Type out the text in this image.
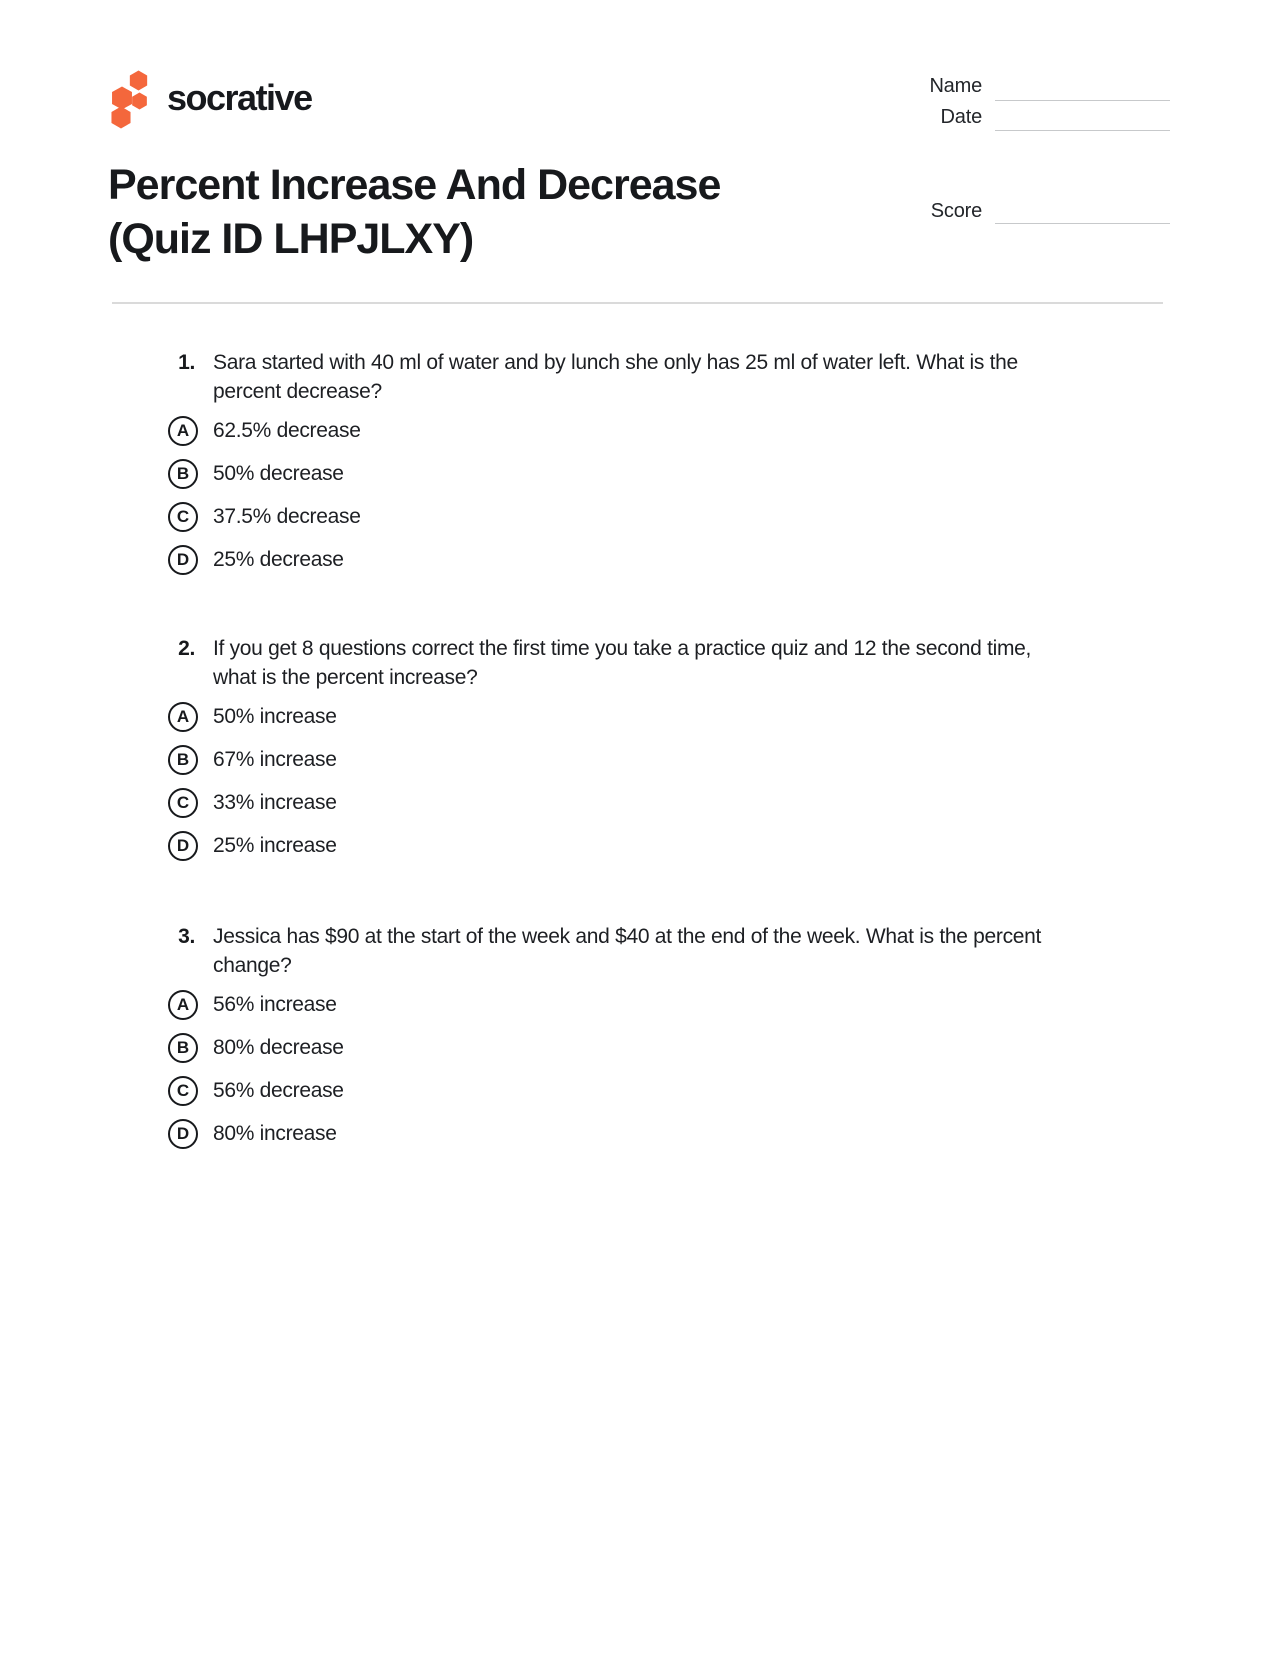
socrative	Name
Date
Score
Percent Increase And Decrease
(Quiz ID LHPJLXY)
1. Sara started with 40 ml of water and by lunch she only has 25 ml of water left. What is the
percent decrease?
A	62.5% decrease
B	50% decrease
C	37.5% decrease
D	25% decrease
2. If you get 8 questions correct the first time you take a practice quiz and 12 the second time,
what is the percent increase?
A	50% increase
B	67% increase
C	33% increase
D	25% increase
3. Jessica has $90 at the start of the week and $40 at the end of the week. What is the percent
change?
A	56% increase
B	80% decrease
C	56% decrease
D	80% increase
